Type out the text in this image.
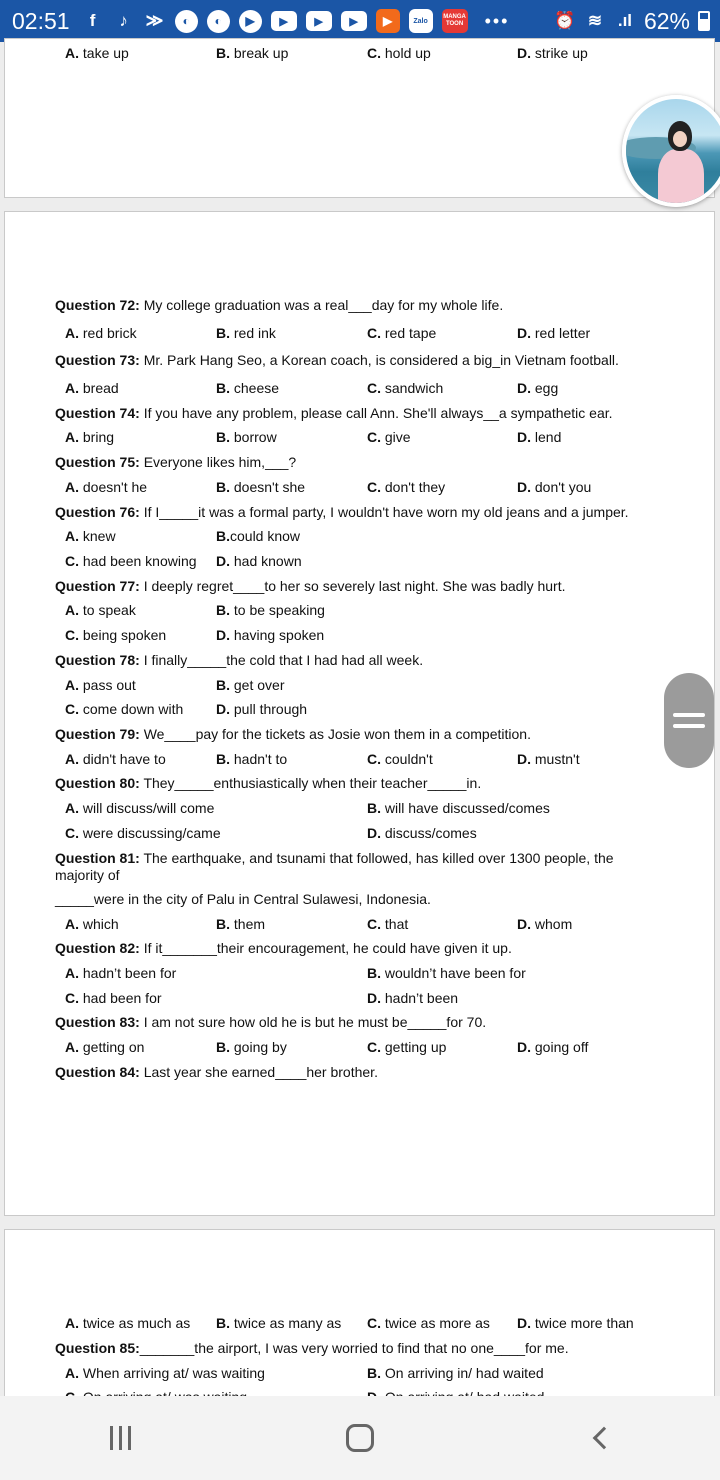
02:51	f	♪	≫	◐	◐	▶	▶	▶	▶	▶	Zalo
MANGA TOON •••	⏰ ≋ .ıl 62%
A. take up	B. break up	C. hold up	D. strike up
Question 72: My college graduation was a real___day for my whole life.
A. red brick	B. red ink	C. red tape	D. red letter
Question 73: Mr. Park Hang Seo, a Korean coach, is considered a big_in Vietnam football.
A. bread	B. cheese	C. sandwich	D. egg
Question 74: If you have any problem, please call Ann. She'll always__a sympathetic ear.
A. bring	B. borrow	C. give	D. lend
Question 75: Everyone likes him,___?
A. doesn't he	B. doesn't she	C. don't they	D. don't you
Question 76: If I_____it was a formal party, I wouldn't have worn my old jeans and a jumper.
A. knew	B.could know
C. had been knowing D. had known
Question 77: I deeply regret____to her so severely last night. She was badly hurt.
A. to speak	B. to be speaking
C. being spoken	D. having spoken
Question 78: I finally_____the cold that I had had all week.
A. pass out	B. get over
C. come down with D. pull through
Question 79: We____pay for the tickets as Josie won them in a competition.
A. didn't have to	B. hadn't to	C. couldn't	D. mustn't
Question 80: They_____enthusiastically when their teacher_____in.
A. will discuss/will come	B. will have discussed/comes
C. were discussing/came	D. discuss/comes
Question 81: The earthquake, and tsunami that followed, has killed over 1300 people, the majority of
_____were in the city of Palu in Central Sulawesi, Indonesia.
A. which	B. them	C. that	D. whom
Question 82: If it_______their encouragement, he could have given it up.
A. hadn’t been for	B. wouldn’t have been for
C. had been for	D. hadn’t been
Question 83: I am not sure how old he is but he must be_____for 70.
A. getting on	B. going by	C. getting up	D. going off
Question 84: Last year she earned____her brother.
A. twice as much as B. twice as many as C. twice as more as D. twice more than
Question 85:_______the airport, I was very worried to find that no one____for me.
A. When arriving at/ was waiting	B. On arriving in/ had waited
